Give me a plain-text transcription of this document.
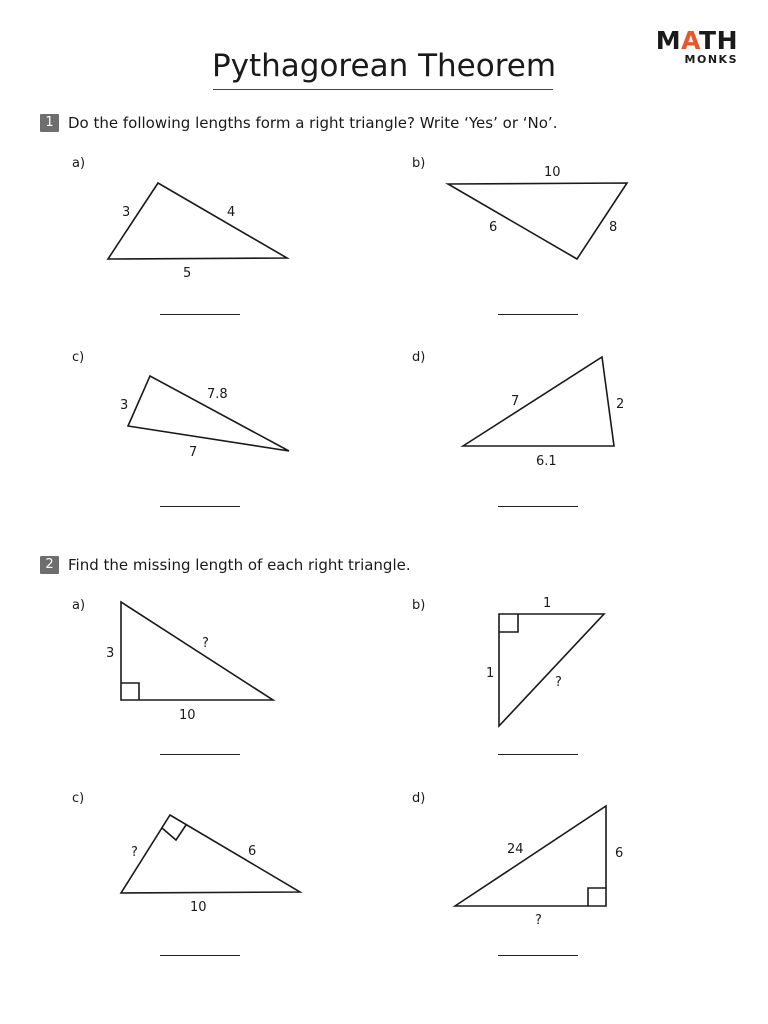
MATH
MONKS
Pythagorean Theorem
1 Do the following lengths form a right triangle? Write ‘Yes’ or ‘No’.
a)	b)
c)	d)
2 Find the missing length of each right triangle.
a)	b)
c)	d)
3	4
5
10
6	8
3
7.8
7
7	2
6.1
3
?
10
1
1
?
?	6
10
24	6
?
